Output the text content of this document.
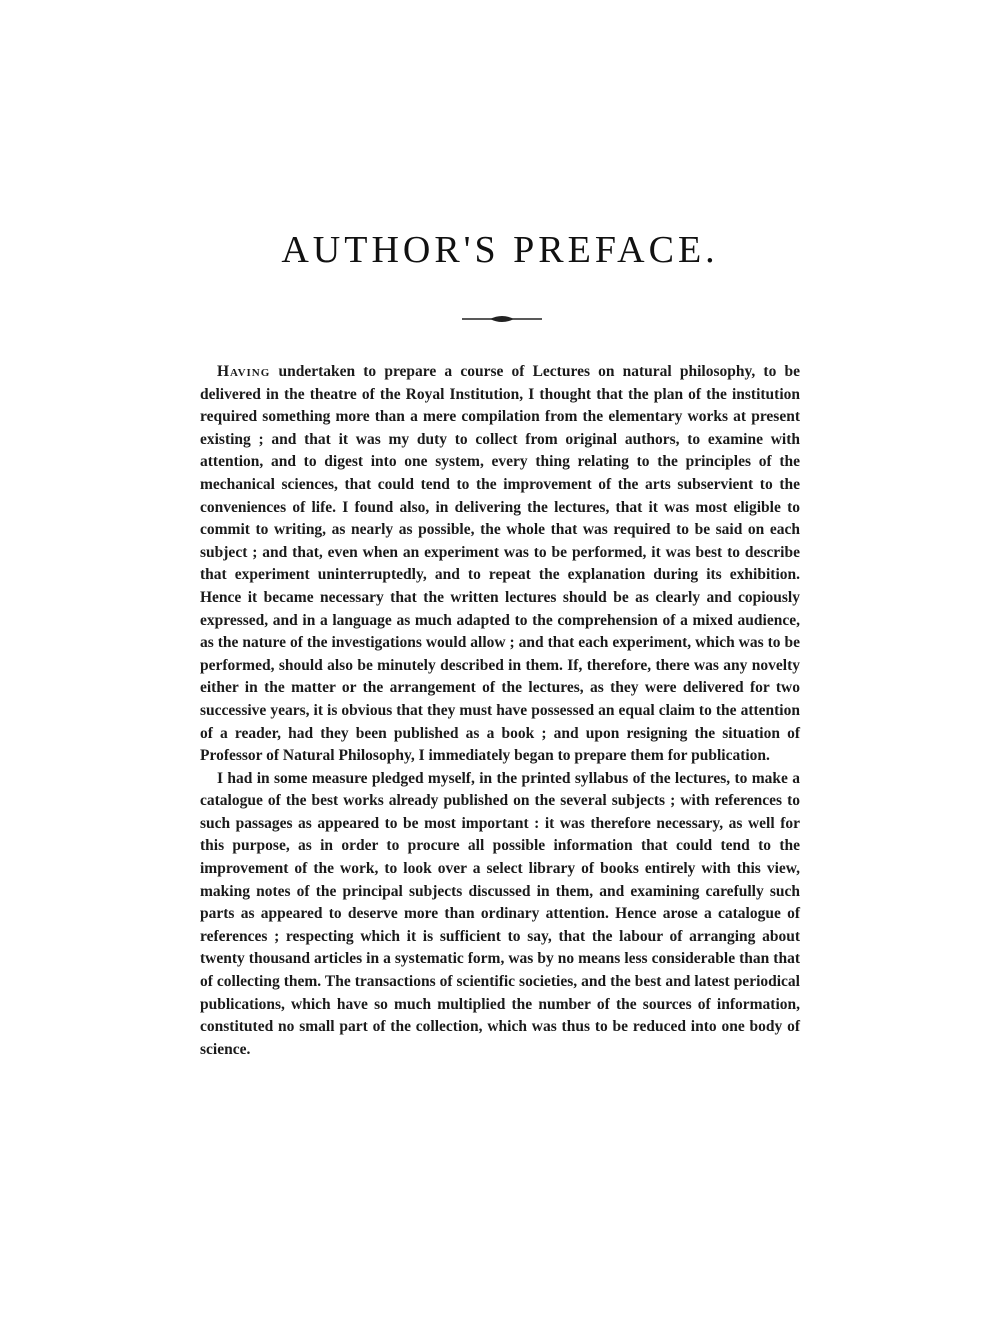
AUTHOR'S PREFACE.

Having undertaken to prepare a course of Lectures on natural philosophy, to be delivered in the theatre of the Royal Institution, I thought that the plan of the institution required something more than a mere compilation from the elementary works at present existing ; and that it was my duty to collect from original authors, to examine with attention, and to digest into one system, every thing relating to the principles of the mechanical sciences, that could tend to the improvement of the arts subservient to the conveniences of life. I found also, in delivering the lectures, that it was most eligible to commit to writing, as nearly as possible, the whole that was required to be said on each subject ; and that, even when an experiment was to be performed, it was best to describe that experiment uninterruptedly, and to repeat the explanation during its exhibition. Hence it became necessary that the written lectures should be as clearly and copiously expressed, and in a language as much adapted to the comprehension of a mixed audience, as the nature of the investigations would allow ; and that each experiment, which was to be performed, should also be minutely described in them. If, therefore, there was any novelty either in the matter or the arrangement of the lectures, as they were delivered for two successive years, it is obvious that they must have possessed an equal claim to the attention of a reader, had they been published as a book ; and upon resigning the situation of Professor of Natural Philosophy, I immediately began to prepare them for publication.

I had in some measure pledged myself, in the printed syllabus of the lectures, to make a catalogue of the best works already published on the several subjects ; with references to such passages as appeared to be most important : it was therefore necessary, as well for this purpose, as in order to procure all possible information that could tend to the improvement of the work, to look over a select library of books entirely with this view, making notes of the principal subjects discussed in them, and examining carefully such parts as appeared to deserve more than ordinary attention. Hence arose a catalogue of references ; respecting which it is sufficient to say, that the labour of arranging about twenty thousand articles in a systematic form, was by no means less considerable than that of collecting them. The transactions of scientific societies, and the best and latest periodical publications, which have so much multiplied the number of the sources of information, constituted no small part of the collection, which was thus to be reduced into one body of science.
